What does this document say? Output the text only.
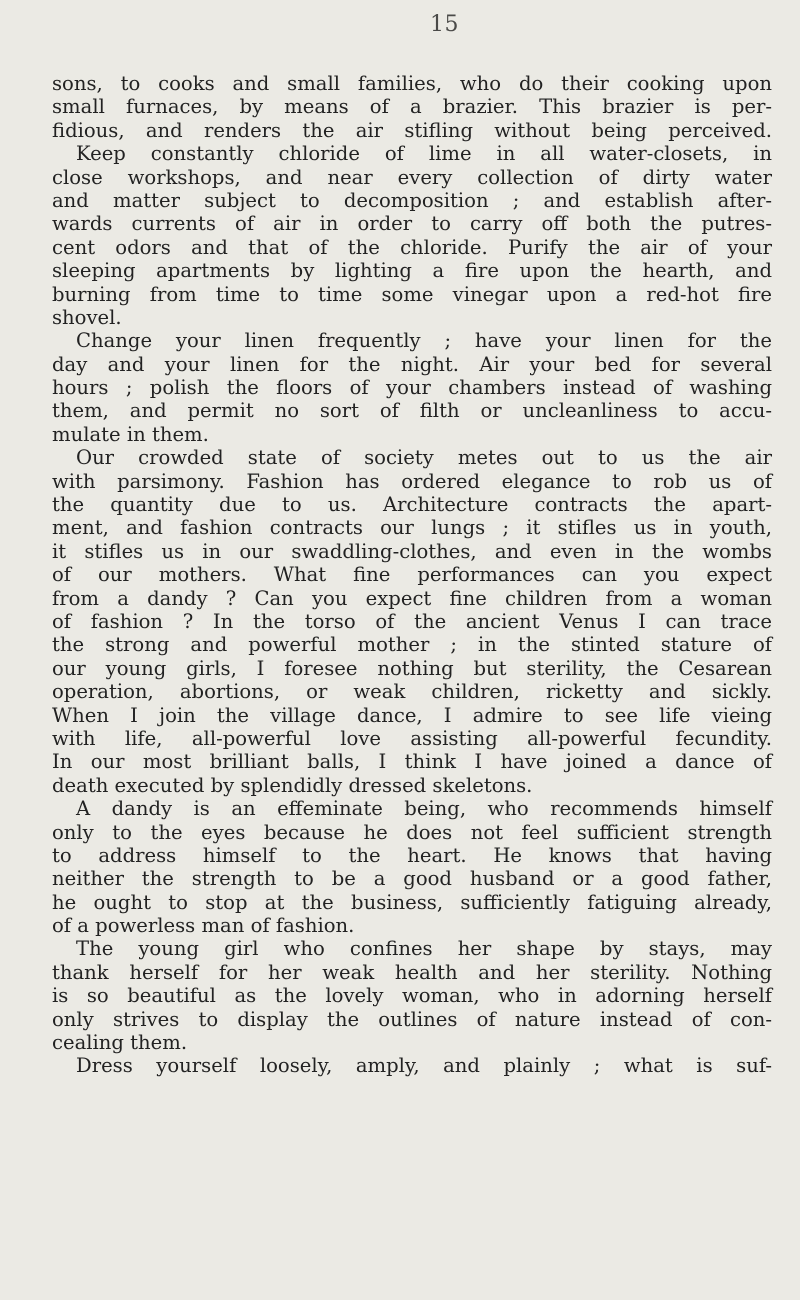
15
sons, to cooks and small families, who do their cooking upon
small furnaces, by means of a brazier. This brazier is per-
fidious, and renders the air stifling without being perceived.
Keep constantly chloride of lime in all water-closets, in
close workshops, and near every collection of dirty water
and matter subject to decomposition ; and establish after-
wards currents of air in order to carry off both the putres-
cent odors and that of the chloride. Purify the air of your
sleeping apartments by lighting a fire upon the hearth, and
burning from time to time some vinegar upon a red-hot fire
shovel.
Change your linen frequently ; have your linen for the
day and your linen for the night. Air your bed for several
hours ; polish the floors of your chambers instead of washing
them, and permit no sort of filth or uncleanliness to accu-
mulate in them.
Our crowded state of society metes out to us the air
with parsimony. Fashion has ordered elegance to rob us of
the quantity due to us. Architecture contracts the apart-
ment, and fashion contracts our lungs ; it stifles us in youth,
it stifles us in our swaddling-clothes, and even in the wombs
of our mothers. What fine performances can you expect
from a dandy ? Can you expect fine children from a woman
of fashion ? In the torso of the ancient Venus I can trace
the strong and powerful mother ; in the stinted stature of
our young girls, I foresee nothing but sterility, the Cesarean
operation, abortions, or weak children, ricketty and sickly.
When I join the village dance, I admire to see life vieing
with life, all-powerful love assisting all-powerful fecundity.
In our most brilliant balls, I think I have joined a dance of
death executed by splendidly dressed skeletons.
A dandy is an effeminate being, who recommends himself
only to the eyes because he does not feel sufficient strength
to address himself to the heart. He knows that having
neither the strength to be a good husband or a good father,
he ought to stop at the business, sufficiently fatiguing already,
of a powerless man of fashion.
The young girl who confines her shape by stays, may
thank herself for her weak health and her sterility. Nothing
is so beautiful as the lovely woman, who in adorning herself
only strives to display the outlines of nature instead of con-
cealing them.
Dress yourself loosely, amply, and plainly ; what is suf-
